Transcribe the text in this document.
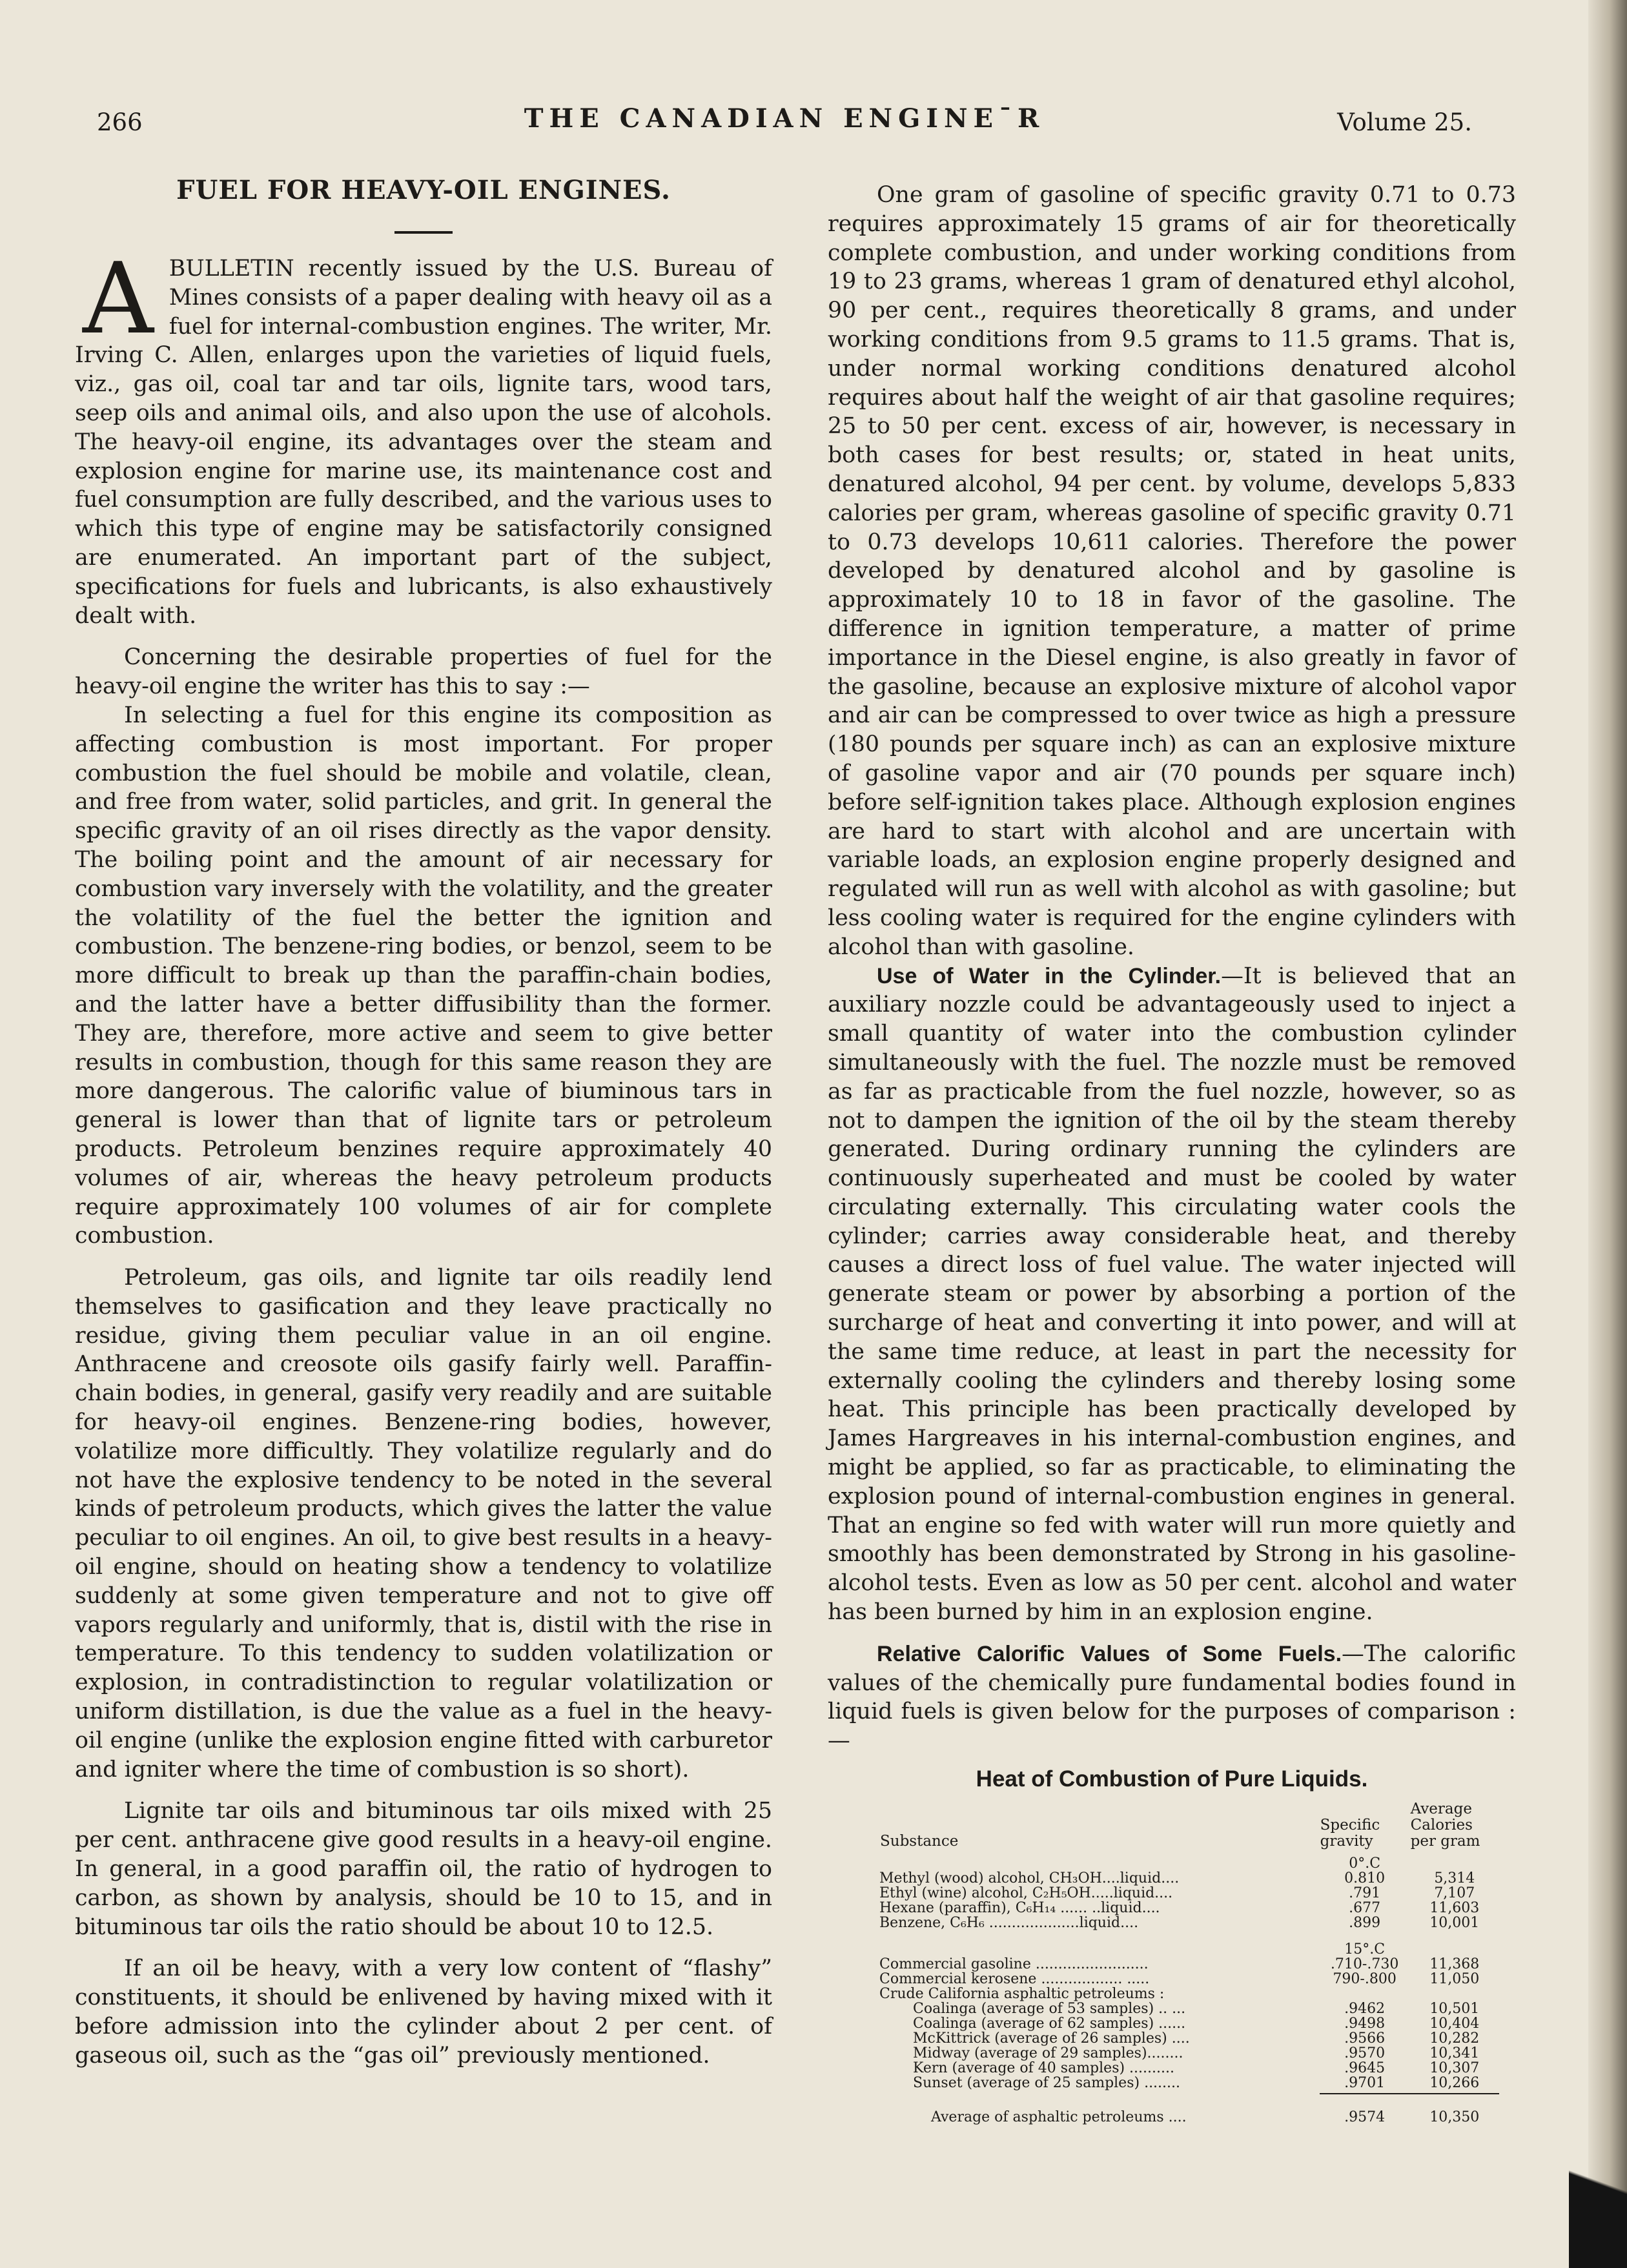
266	THE CANADIAN ENGINE¯R	Volume 25.
FUEL FOR HEAVY-OIL ENGINES.

ABULLETIN recently issued by the U.S. Bureau of Mines consists of a paper dealing with heavy oil as a fuel for internal-combustion engines. The writer, Mr. Irving C. Allen, enlarges upon the varieties of liquid fuels, viz., gas oil, coal tar and tar oils, lignite tars, wood tars, seep oils and animal oils, and also upon the use of alcohols. The heavy-oil engine, its advantages over the steam and explosion engine for marine use, its maintenance cost and fuel consumption are fully described, and the various uses to which this type of engine may be satisfactorily consigned are enumerated. An important part of the subject, specifications for fuels and lubricants, is also exhaustively dealt with.

Concerning the desirable properties of fuel for the heavy-oil engine the writer has this to say :—

In selecting a fuel for this engine its composition as affecting combustion is most important. For proper combustion the fuel should be mobile and volatile, clean, and free from water, solid particles, and grit. In general the specific gravity of an oil rises directly as the vapor density. The boiling point and the amount of air necessary for combustion vary inversely with the volatility, and the greater the volatility of the fuel the better the ignition and combustion. The benzene-ring bodies, or benzol, seem to be more difficult to break up than the paraffin-chain bodies, and the latter have a better diffusibility than the former. They are, therefore, more active and seem to give better results in combustion, though for this same reason they are more dangerous. The calorific value of biuminous tars in general is lower than that of lignite tars or petroleum products. Petroleum benzines require approximately 40 volumes of air, whereas the heavy petroleum products require approximately 100 volumes of air for complete combustion.

Petroleum, gas oils, and lignite tar oils readily lend themselves to gasification and they leave practically no residue, giving them peculiar value in an oil engine. Anthracene and creosote oils gasify fairly well. Paraffin-chain bodies, in general, gasify very readily and are suitable for heavy-oil engines. Benzene-ring bodies, however, volatilize more difficultly. They volatilize regularly and do not have the explosive tendency to be noted in the several kinds of petroleum products, which gives the latter the value peculiar to oil engines. An oil, to give best results in a heavy-oil engine, should on heating show a tendency to volatilize suddenly at some given temperature and not to give off vapors regularly and uniformly, that is, distil with the rise in temperature. To this tendency to sudden volatilization or explosion, in contradistinction to regular volatilization or uniform distillation, is due the value as a fuel in the heavy-oil engine (unlike the explosion engine fitted with carburetor and igniter where the time of combustion is so short).

Lignite tar oils and bituminous tar oils mixed with 25 per cent. anthracene give good results in a heavy-oil engine. In general, in a good paraffin oil, the ratio of hydrogen to carbon, as shown by analysis, should be 10 to 15, and in bituminous tar oils the ratio should be about 10 to 12.5.

If an oil be heavy, with a very low content of “flashy” constituents, it should be enlivened by having mixed with it before admission into the cylinder about 2 per cent. of gaseous oil, such as the “gas oil” previously mentioned.

One gram of gasoline of specific gravity 0.71 to 0.73 requires approximately 15 grams of air for theoretically complete combustion, and under working conditions from 19 to 23 grams, whereas 1 gram of denatured ethyl alcohol, 90 per cent., requires theoretically 8 grams, and under working conditions from 9.5 grams to 11.5 grams. That is, under normal working conditions denatured alcohol requires about half the weight of air that gasoline requires; 25 to 50 per cent. excess of air, however, is necessary in both cases for best results; or, stated in heat units, denatured alcohol, 94 per cent. by volume, develops 5,833 calories per gram, whereas gasoline of specific gravity 0.71 to 0.73 develops 10,611 calories. Therefore the power developed by denatured alcohol and by gasoline is approximately 10 to 18 in favor of the gasoline. The difference in ignition temperature, a matter of prime importance in the Diesel engine, is also greatly in favor of the gasoline, because an explosive mixture of alcohol vapor and air can be compressed to over twice as high a pressure (180 pounds per square inch) as can an explosive mixture of gasoline vapor and air (70 pounds per square inch) before self-ignition takes place. Although explosion engines are hard to start with alcohol and are uncertain with variable loads, an explosion engine properly designed and regulated will run as well with alcohol as with gasoline; but less cooling water is required for the engine cylinders with alcohol than with gasoline.

Use of Water in the Cylinder.—It is believed that an auxiliary nozzle could be advantageously used to inject a small quantity of water into the combustion cylinder simultaneously with the fuel. The nozzle must be removed as far as practicable from the fuel nozzle, however, so as not to dampen the ignition of the oil by the steam thereby generated. During ordinary running the cylinders are continuously superheated and must be cooled by water circulating externally. This circulating water cools the cylinder; carries away considerable heat, and thereby causes a direct loss of fuel value. The water injected will generate steam or power by absorbing a portion of the surcharge of heat and converting it into power, and will at the same time reduce, at least in part the necessity for externally cooling the cylinders and thereby losing some heat. This principle has been practically developed by James Hargreaves in his internal-combustion engines, and might be applied, so far as practicable, to eliminating the explosion pound of internal-combustion engines in general. That an engine so fed with water will run more quietly and smoothly has been demonstrated by Strong in his gasoline-alcohol tests. Even as low as 50 per cent. alcohol and water has been burned by him in an explosion engine.

Relative Calorific Values of Some Fuels.—The calorific values of the chemically pure fundamental bodies found in liquid fuels is given below for the purposes of comparison :—

Heat of Combustion of Pure Liquids.
Substance	Specific gravity	Average Calories per gram
	0°.C	
Methyl (wood) alcohol, CH₃OH....liquid....	0.810	5,314
Ethyl (wine) alcohol, C₂H₅OH.....liquid....	.791	7,107
Hexane (paraffin), C₆H₁₄ ...... ..liquid....	.677	11,603
Benzene, C₆H₆ ....................liquid....	.899	10,001
	15°.C	
Commercial gasoline .........................	.710-.730	11,368
Commercial kerosene .................. .....	790-.800	11,050
Crude California asphaltic petroleums :		
Coalinga (average of 53 samples) .. ...	.9462	10,501
Coalinga (average of 62 samples) ......	.9498	10,404
McKittrick (average of 26 samples) ....	.9566	10,282
Midway (average of 29 samples)........	.9570	10,341
Kern (average of 40 samples) ..........	.9645	10,307
Sunset (average of 25 samples) ........	.9701	10,266

Average of asphaltic petroleums ....	.9574	10,350
